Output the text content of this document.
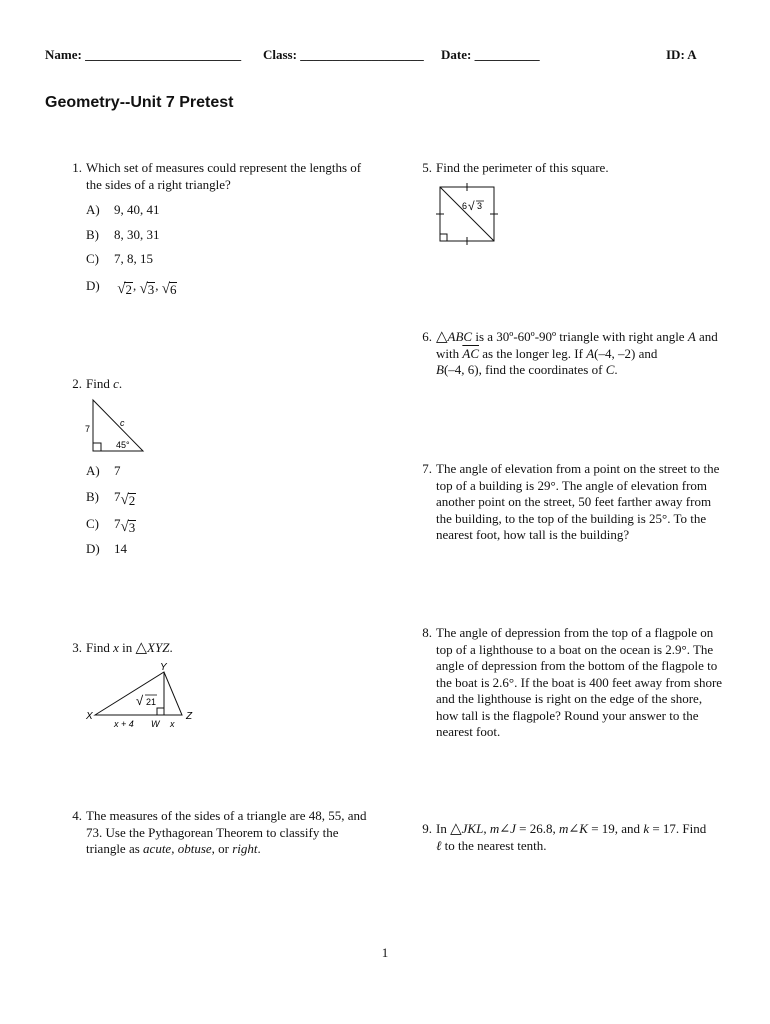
Name: ________________________ Class: ___________________ Date: __________	ID: A
Geometry--Unit 7 Pretest
1. Which set of measures could represent the lengths of the sides of a right triangle?
A) 9, 40, 41
B) 8, 30, 31
C) 7, 8, 15
D) √ 2 , √ 3 , √ 6
2. Find c.
7
c
45°
A) 7
B) 7 √ 2
C) 7 √ 3
D) 14
3. Find x in △XYZ.
X
Y
Z
W
√ 21
x + 4	x
4. The measures of the sides of a triangle are 48, 55, and 73. Use the Pythagorean Theorem to classify the triangle as acute, obtuse, or right.
5. Find the perimeter of this square.
6 √ 3
6. △ABC is a 30º-60º-90º triangle with right angle A and with $\overline{AC}$ as the longer leg. If A(–4, –2) and
B(–4, 6), find the coordinates of C.
7. The angle of elevation from a point on the street to the top of a building is 29°. The angle of elevation from another point on the street, 50 feet farther away from the building, to the top of the building is 25°. To the nearest foot, how tall is the building?
8. The angle of depression from the top of a flagpole on top of a lighthouse to a boat on the ocean is 2.9°. The angle of depression from the bottom of the flagpole to the boat is 2.6°. If the boat is 400 feet away from shore and the lighthouse is right on the edge of the shore, how tall is the flagpole? Round your answer to the nearest foot.
9. In △JKL, m∠J = 26.8, m∠K = 19, and k = 17. Find
ℓ to the nearest tenth.
1
